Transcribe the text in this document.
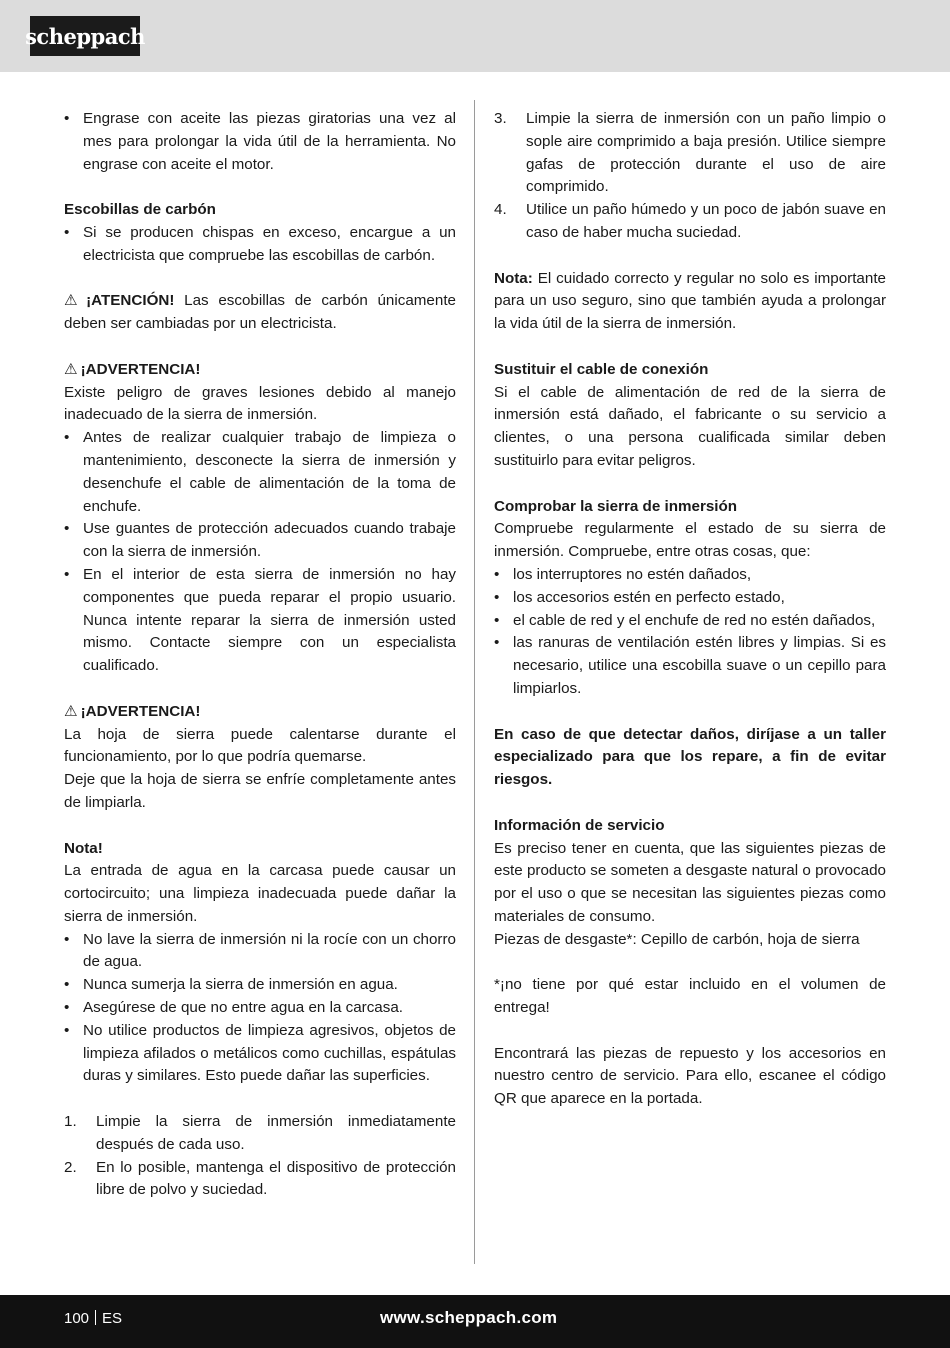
scheppach
• Engrase con aceite las piezas giratorias una vez al mes para prolongar la vida útil de la herramienta. No engrase con aceite el motor.
Escobillas de carbón
• Si se producen chispas en exceso, encargue a un electricista que compruebe las escobillas de carbón.

⚠ ¡ATENCIÓN! Las escobillas de carbón únicamente deben ser cambiadas por un electricista.

⚠ ¡ADVERTENCIA!

Existe peligro de graves lesiones debido al manejo inadecuado de la sierra de inmersión.

• Antes de realizar cualquier trabajo de limpieza o mantenimiento, desconecte la sierra de inmersión y desenchufe el cable de alimentación de la toma de enchufe.
• Use guantes de protección adecuados cuando trabaje con la sierra de inmersión.
• En el interior de esta sierra de inmersión no hay componentes que pueda reparar el propio usuario. Nunca intente reparar la sierra de inmersión usted mismo. Contacte siempre con un especialista cualificado.

⚠ ¡ADVERTENCIA!

La hoja de sierra puede calentarse durante el funcionamiento, por lo que podría quemarse.

Deje que la hoja de sierra se enfríe completamente antes de limpiarla.

Nota!

La entrada de agua en la carcasa puede causar un cortocircuito; una limpieza inadecuada puede dañar la sierra de inmersión.

• No lave la sierra de inmersión ni la rocíe con un chorro de agua.
• Nunca sumerja la sierra de inmersión en agua.
• Asegúrese de que no entre agua en la carcasa.
• No utilice productos de limpieza agresivos, objetos de limpieza afilados o metálicos como cuchillas, espátulas duras y similares. Esto puede dañar las superficies.
1. Limpie la sierra de inmersión inmediatamente después de cada uso.
2. En lo posible, mantenga el dispositivo de protección libre de polvo y suciedad.
3. Limpie la sierra de inmersión con un paño limpio o sople aire comprimido a baja presión. Utilice siempre gafas de protección durante el uso de aire comprimido.
4. Utilice un paño húmedo y un poco de jabón suave en caso de haber mucha suciedad.

Nota: El cuidado correcto y regular no solo es importante para un uso seguro, sino que también ayuda a prolongar la vida útil de la sierra de inmersión.

Sustituir el cable de conexión

Si el cable de alimentación de red de la sierra de inmersión está dañado, el fabricante o su servicio a clientes, o una persona cualificada similar deben sustituirlo para evitar peligros.

Comprobar la sierra de inmersión

Compruebe regularmente el estado de su sierra de inmersión. Compruebe, entre otras cosas, que:

• los interruptores no estén dañados,
• los accesorios estén en perfecto estado,
• el cable de red y el enchufe de red no estén dañados,
• las ranuras de ventilación estén libres y limpias. Si es necesario, utilice una escobilla suave o un cepillo para limpiarlos.

En caso de que detectar daños, diríjase a un taller especializado para que los repare, a fin de evitar riesgos.

Información de servicio

Es preciso tener en cuenta, que las siguientes piezas de este producto se someten a desgaste natural o provocado por el uso o que se necesitan las siguientes piezas como materiales de consumo.

Piezas de desgaste*: Cepillo de carbón, hoja de sierra

*¡no tiene por qué estar incluido en el volumen de entrega!

Encontrará las piezas de repuesto y los accesorios en nuestro centro de servicio. Para ello, escanee el código QR que aparece en la portada.

100 ES	www.scheppach.com
